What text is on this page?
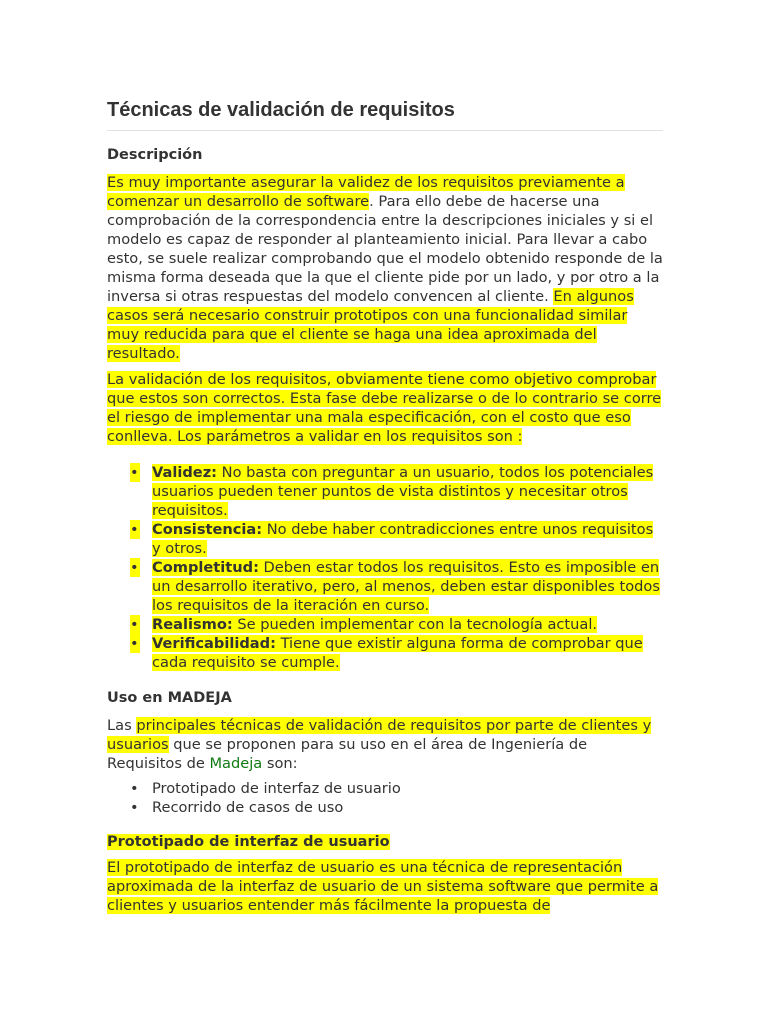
Técnicas de validación de requisitos
Descripción

Es muy importante asegurar la validez de los requisitos previamente a comenzar un desarrollo de software. Para ello debe de hacerse una comprobación de la correspondencia entre la descripciones iniciales y si el modelo es capaz de responder al planteamiento inicial. Para llevar a cabo esto, se suele realizar comprobando que el modelo obtenido responde de la misma forma deseada que la que el cliente pide por un lado, y por otro a la inversa si otras respuestas del modelo convencen al cliente. En algunos casos será necesario construir prototipos con una funcionalidad similar muy reducida para que el cliente se haga una idea aproximada del resultado.

La validación de los requisitos, obviamente tiene como objetivo comprobar que estos son correctos. Esta fase debe realizarse o de lo contrario se corre el riesgo de implementar una mala especificación, con el costo que eso conlleva. Los parámetros a validar en los requisitos son :

• Validez: No basta con preguntar a un usuario, todos los potenciales usuarios pueden tener puntos de vista distintos y necesitar otros requisitos.
• Consistencia: No debe haber contradicciones entre unos requisitos y otros.
• Completitud: Deben estar todos los requisitos. Esto es imposible en un desarrollo iterativo, pero, al menos, deben estar disponibles todos los requisitos de la iteración en curso.
• Realismo: Se pueden implementar con la tecnología actual.
• Verificabilidad: Tiene que existir alguna forma de comprobar que cada requisito se cumple.
Uso en MADEJA

Las principales técnicas de validación de requisitos por parte de clientes y usuarios que se proponen para su uso en el área de Ingeniería de Requisitos de Madeja son:

• Prototipado de interfaz de usuario
• Recorrido de casos de uso
Prototipado de interfaz de usuario

El prototipado de interfaz de usuario es una técnica de representación aproximada de la interfaz de usuario de un sistema software que permite a clientes y usuarios entender más fácilmente la propuesta de
